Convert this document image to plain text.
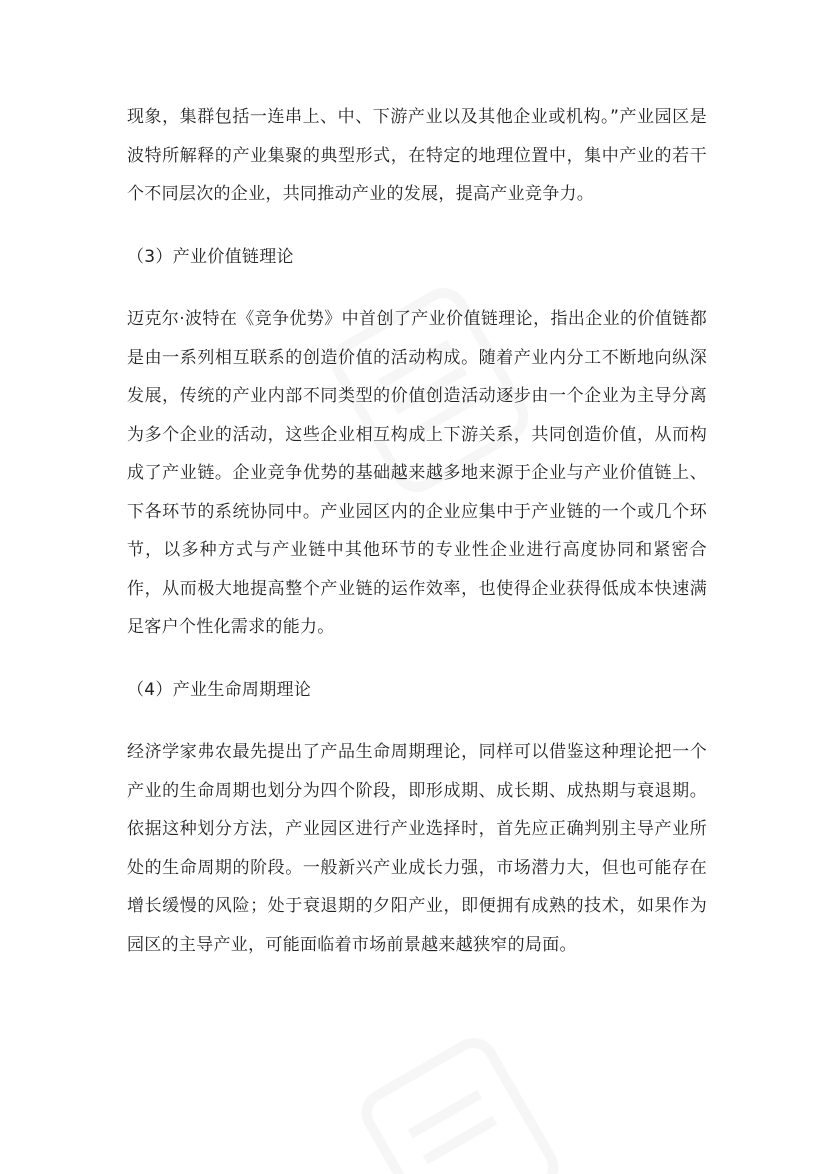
现象，集群包括一连串上、中、下游产业以及其他企业或机构。”产业园区是波特所解释的产业集聚的典型形式，在特定的地理位置中，集中产业的若干个不同层次的企业，共同推动产业的发展，提高产业竞争力。

（3）产业价值链理论

迈克尔·波特在《竞争优势》中首创了产业价值链理论，指出企业的价值链都是由一系列相互联系的创造价值的活动构成。随着产业内分工不断地向纵深发展，传统的产业内部不同类型的价值创造活动逐步由一个企业为主导分离为多个企业的活动，这些企业相互构成上下游关系，共同创造价值，从而构成了产业链。企业竞争优势的基础越来越多地来源于企业与产业价值链上、下各环节的系统协同中。产业园区内的企业应集中于产业链的一个或几个环节，以多种方式与产业链中其他环节的专业性企业进行高度协同和紧密合作，从而极大地提高整个产业链的运作效率，也使得企业获得低成本快速满足客户个性化需求的能力。

（4）产业生命周期理论

经济学家弗农最先提出了产品生命周期理论，同样可以借鉴这种理论把一个产业的生命周期也划分为四个阶段，即形成期、成长期、成热期与衰退期。依据这种划分方法，产业园区进行产业选择时，首先应正确判别主导产业所处的生命周期的阶段。一般新兴产业成长力强，市场潜力大，但也可能存在增长缓慢的风险；处于衰退期的夕阳产业，即便拥有成熟的技术，如果作为园区的主导产业，可能面临着市场前景越来越狭窄的局面。
